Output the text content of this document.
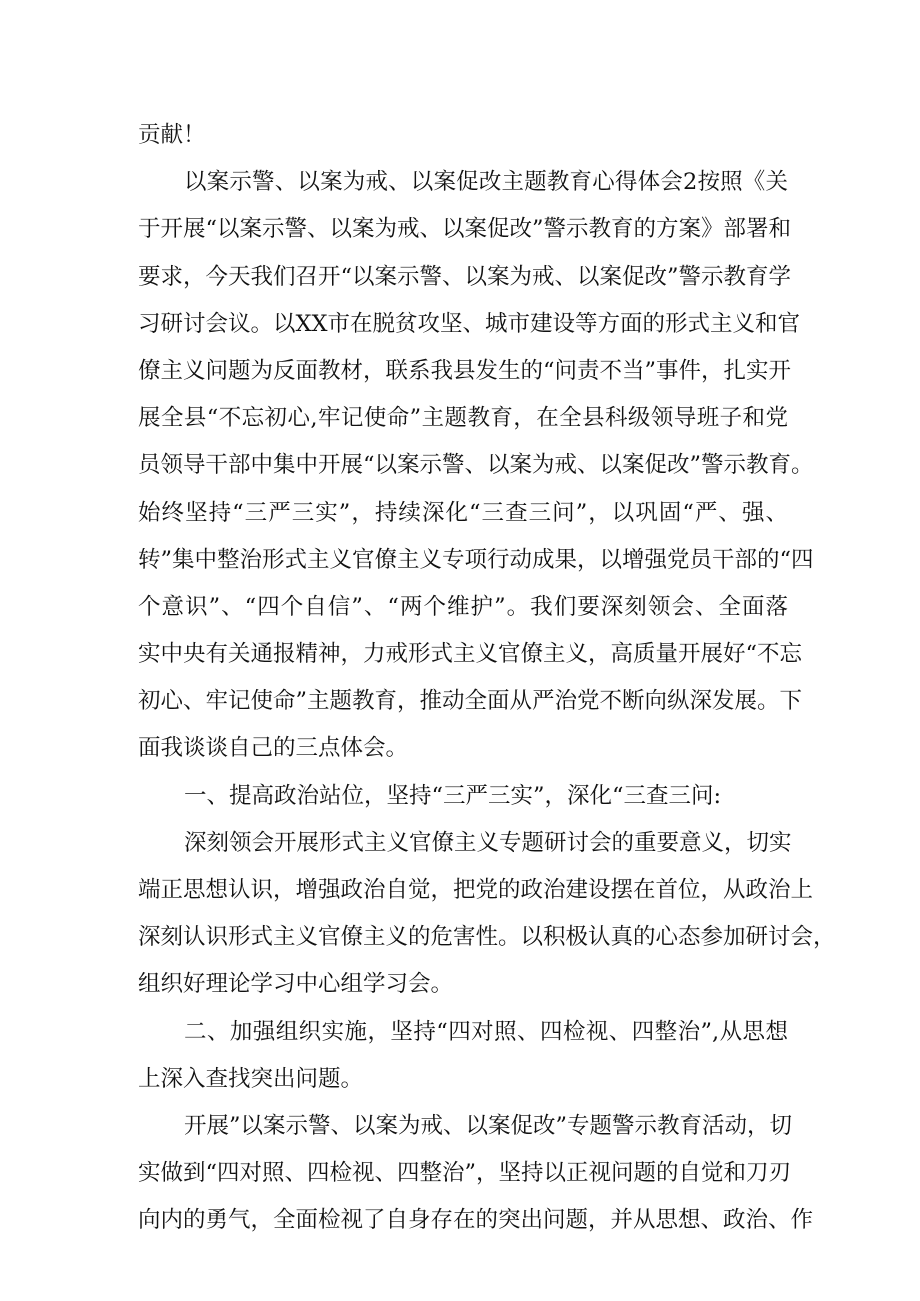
贡献！
以案示警、以案为戒、以案促改主题教育心得体会2按照《关
于开展“以案示警、以案为戒、以案促改”警示教育的方案》部署和
要求，今天我们召开“以案示警、以案为戒、以案促改”警示教育学
习研讨会议。以XX市在脱贫攻坚、城市建设等方面的形式主义和官
僚主义问题为反面教材，联系我县发生的“问责不当”事件，扎实开
展全县“不忘初心,牢记使命”主题教育，在全县科级领导班子和党
员领导干部中集中开展“以案示警、以案为戒、以案促改”警示教育。
始终坚持“三严三实”，持续深化“三查三问”，以巩固“严、强、
转”集中整治形式主义官僚主义专项行动成果，以增强党员干部的“四
个意识”、“四个自信”、“两个维护”。我们要深刻领会、全面落
实中央有关通报精神，力戒形式主义官僚主义，高质量开展好“不忘
初心、牢记使命”主题教育，推动全面从严治党不断向纵深发展。下
面我谈谈自己的三点体会。
一、提高政治站位，坚持“三严三实”，深化“三查三问:
深刻领会开展形式主义官僚主义专题研讨会的重要意义，切实
端正思想认识，增强政治自觉，把党的政治建设摆在首位，从政治上
深刻认识形式主义官僚主义的危害性。以积极认真的心态参加研讨会，
组织好理论学习中心组学习会。
二、加强组织实施，坚持“四对照、四检视、四整治”,从思想
上深入查找突出问题。
开展”以案示警、以案为戒、以案促改”专题警示教育活动，切
实做到“四对照、四检视、四整治”，坚持以正视问题的自觉和刀刃
向内的勇气，全面检视了自身存在的突出问题，并从思想、政治、作
